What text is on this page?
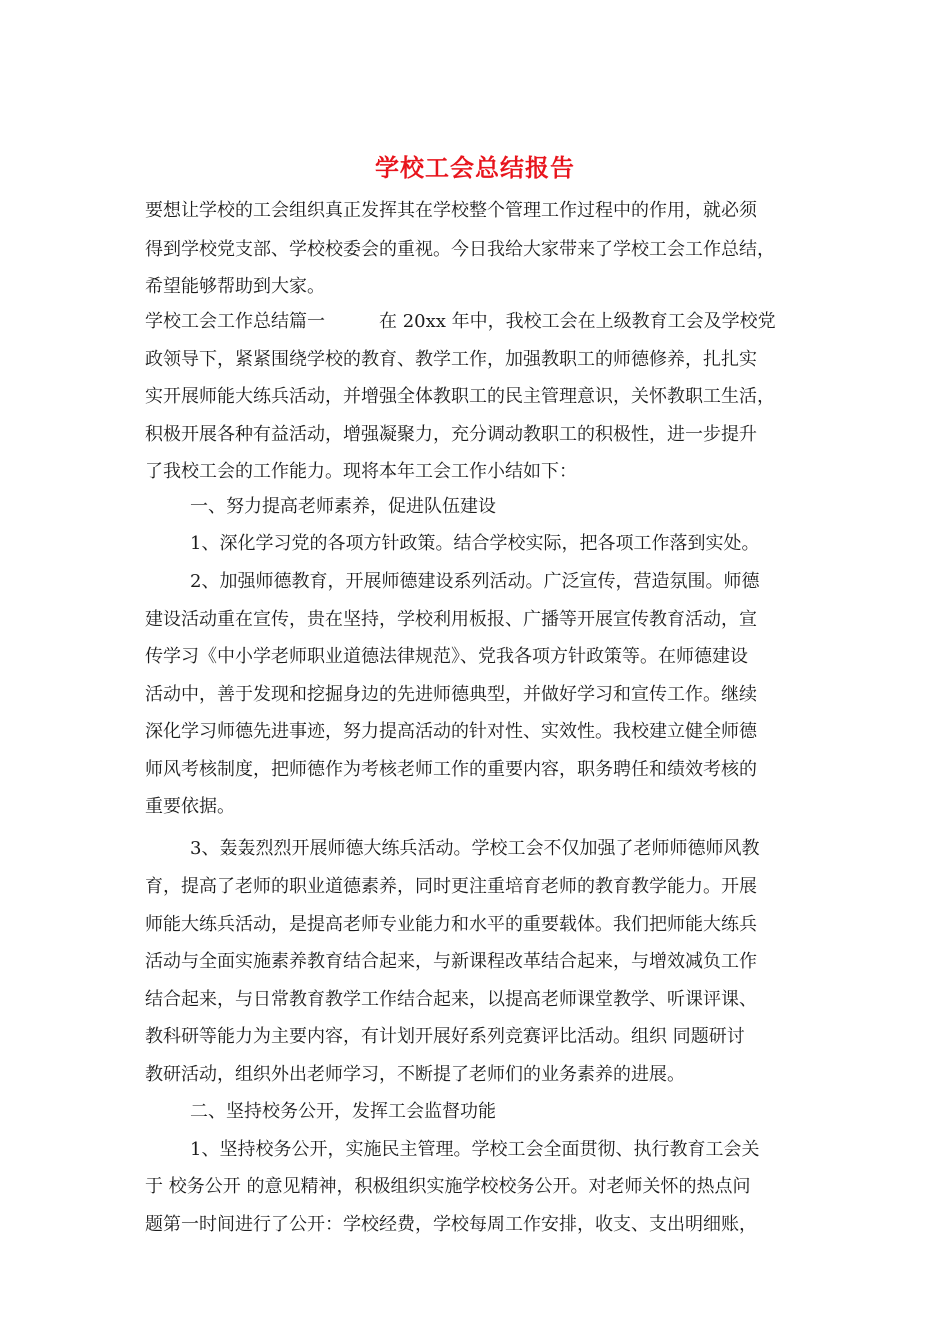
学校工会总结报告
要想让学校的工会组织真正发挥其在学校整个管理工作过程中的作用，就必须
得到学校党支部、学校校委会的重视。今日我给大家带来了学校工会工作总结，
希望能够帮助到大家。
学校工会工作总结篇一　　　在 20xx 年中，我校工会在上级教育工会及学校党
政领导下，紧紧围绕学校的教育、教学工作，加强教职工的师德修养，扎扎实
实开展师能大练兵活动，并增强全体教职工的民主管理意识，关怀教职工生活，
积极开展各种有益活动，增强凝聚力，充分调动教职工的积极性，进一步提升
了我校工会的工作能力。现将本年工会工作小结如下：
一、努力提高老师素养，促进队伍建设
1、深化学习党的各项方针政策。结合学校实际，把各项工作落到实处。
2、加强师德教育，开展师德建设系列活动。广泛宣传，营造氛围。师德
建设活动重在宣传，贵在坚持，学校利用板报、广播等开展宣传教育活动，宣
传学习《中小学老师职业道德法律规范》、党我各项方针政策等。在师德建设
活动中，善于发现和挖掘身边的先进师德典型，并做好学习和宣传工作。继续
深化学习师德先进事迹，努力提高活动的针对性、实效性。我校建立健全师德
师风考核制度，把师德作为考核老师工作的重要内容，职务聘任和绩效考核的
重要依据。
3、轰轰烈烈开展师德大练兵活动。学校工会不仅加强了老师师德师风教
育，提高了老师的职业道德素养，同时更注重培育老师的教育教学能力。开展
师能大练兵活动，是提高老师专业能力和水平的重要载体。我们把师能大练兵
活动与全面实施素养教育结合起来，与新课程改革结合起来，与增效减负工作
结合起来，与日常教育教学工作结合起来，以提高老师课堂教学、听课评课、
教科研等能力为主要内容，有计划开展好系列竞赛评比活动。组织 同题研讨
教研活动，组织外出老师学习，不断提了老师们的业务素养的进展。
二、坚持校务公开，发挥工会监督功能
1、坚持校务公开，实施民主管理。学校工会全面贯彻、执行教育工会关
于 校务公开 的意见精神，积极组织实施学校校务公开。对老师关怀的热点问
题第一时间进行了公开：学校经费，学校每周工作安排，收支、支出明细账，
